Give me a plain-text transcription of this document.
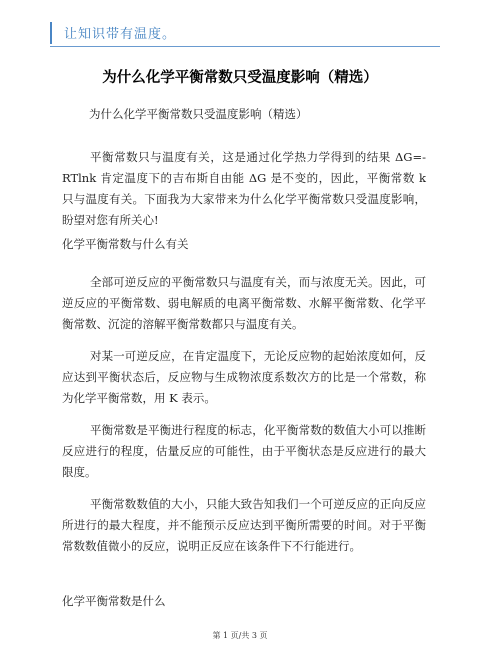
让知识带有温度。
为什么化学平衡常数只受温度影响（精选）
为什么化学平衡常数只受温度影响（精选）

平衡常数只与温度有关，这是通过化学热力学得到的结果 ΔG=-RTlnk 肯定温度下的吉布斯自由能 ΔG 是不变的，因此，平衡常数 k 只与温度有关。下面我为大家带来为什么化学平衡常数只受温度影响，盼望对您有所关心!

化学平衡常数与什么有关

全部可逆反应的平衡常数只与温度有关，而与浓度无关。因此，可逆反应的平衡常数、弱电解质的电离平衡常数、水解平衡常数、化学平衡常数、沉淀的溶解平衡常数都只与温度有关。

对某一可逆反应，在肯定温度下，无论反应物的起始浓度如何，反应达到平衡状态后，反应物与生成物浓度系数次方的比是一个常数，称为化学平衡常数，用 K 表示。

平衡常数是平衡进行程度的标志，化平衡常数的数值大小可以推断反应进行的程度，估量反应的可能性，由于平衡状态是反应进行的最大限度。

平衡常数数值的大小，只能大致告知我们一个可逆反应的正向反应所进行的最大程度，并不能预示反应达到平衡所需要的时间。对于平衡常数数值微小的反应，说明正反应在该条件下不行能进行。

化学平衡常数是什么
第 1 页/共 3 页
